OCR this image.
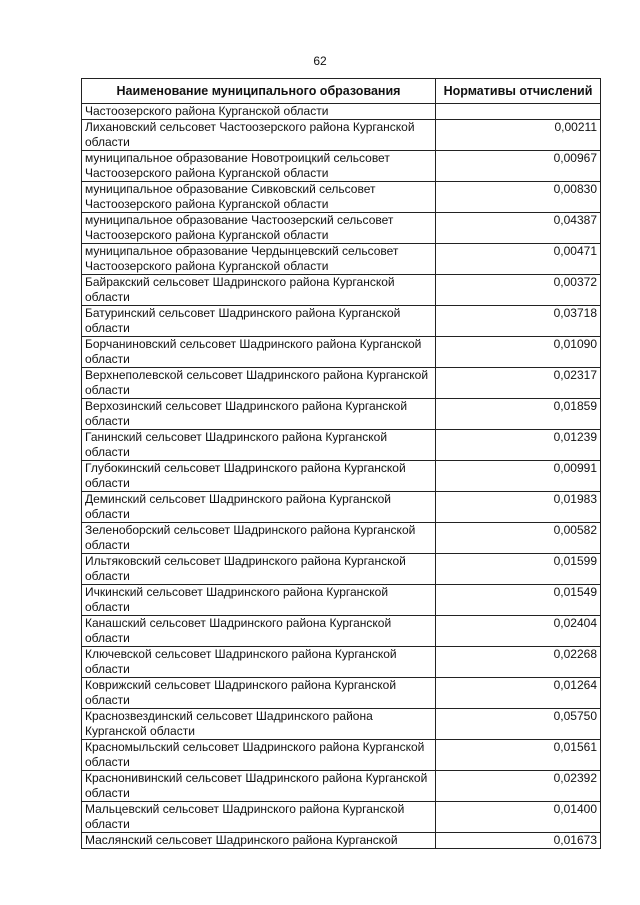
62
Наименование муниципального образования	Нормативы отчислений
Частоозерского района Курганской области	
Лихановский сельсовет Частоозерского района Курганской области	0,00211
муниципальное образование Новотроицкий сельсовет Частоозерского района Курганской области	0,00967
муниципальное образование Сивковский сельсовет Частоозерского района Курганской области	0,00830
муниципальное образование Частоозерский сельсовет Частоозерского района Курганской области	0,04387
муниципальное образование Чердынцевский сельсовет Частоозерского района Курганской области	0,00471
Байракский сельсовет Шадринского района Курганской области	0,00372
Батуринский сельсовет Шадринского района Курганской области	0,03718
Борчаниновский сельсовет Шадринского района Курганской области	0,01090
Верхнеполевской сельсовет Шадринского района Курганской области	0,02317
Верхозинский сельсовет Шадринского района Курганской области	0,01859
Ганинский сельсовет Шадринского района Курганской области	0,01239
Глубокинский сельсовет Шадринского района Курганской области	0,00991
Деминский сельсовет Шадринского района Курганской области	0,01983
Зеленоборский сельсовет Шадринского района Курганской области	0,00582
Ильтяковский сельсовет Шадринского района Курганской области	0,01599
Ичкинский сельсовет Шадринского района Курганской области	0,01549
Канашский сельсовет Шадринского района Курганской области	0,02404
Ключевской сельсовет Шадринского района Курганской области	0,02268
Коврижский сельсовет Шадринского района Курганской области	0,01264
Краснозвездинский сельсовет Шадринского района Курганской области	0,05750
Красномыльский сельсовет Шадринского района Курганской области	0,01561
Краснонивинский сельсовет Шадринского района Курганской области	0,02392
Мальцевский сельсовет Шадринского района Курганской области	0,01400
Маслянский сельсовет Шадринского района Курганской	0,01673
